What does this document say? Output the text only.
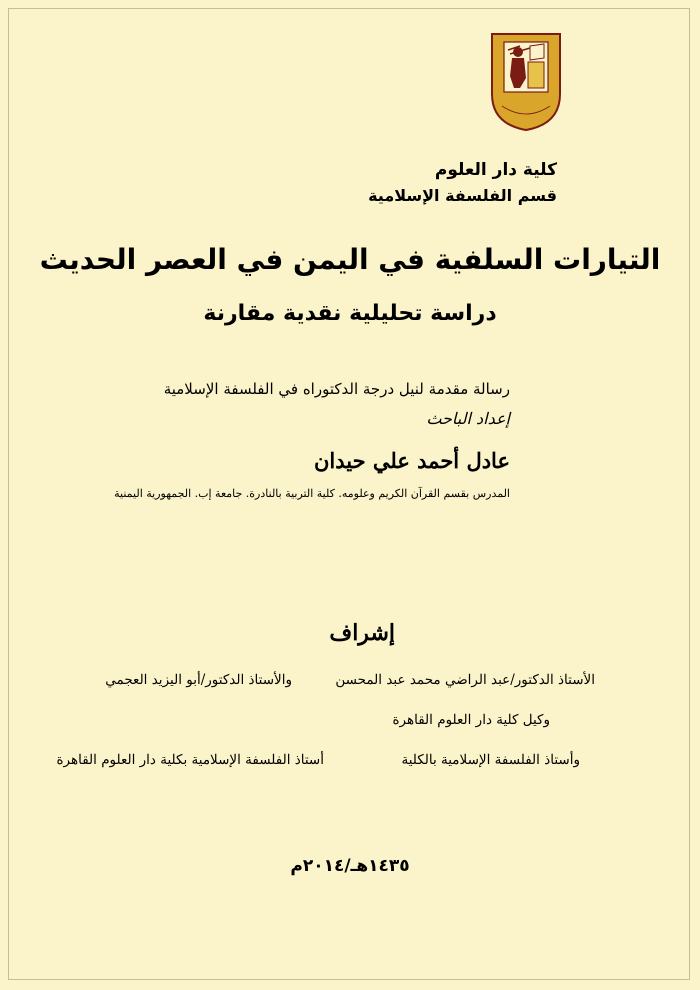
كلية دار العلوم
قسم الفلسفة الإسلامية
التيارات السلفية في اليمن في العصر الحديث
دراسة تحليلية نقدية مقارنة
رسالة مقدمة لنيل درجة الدكتوراه في الفلسفة الإسلامية
إعداد الباحث
عادل أحمد علي حيدان
المدرس بقسم القرآن الكريم وعلومه. كلية التربية بالنادرة. جامعة إب. الجمهورية اليمنية
إشراف
الأستاذ الدكتور/عبد الراضي محمد عبد المحسن
والأستاذ الدكتور/أبو اليزيد العجمي
وكيل كلية دار العلوم القاهرة
وأستاذ الفلسفة الإسلامية بالكلية
أستاذ الفلسفة الإسلامية بكلية دار العلوم القاهرة
١٤٣٥هـ/٢٠١٤م
